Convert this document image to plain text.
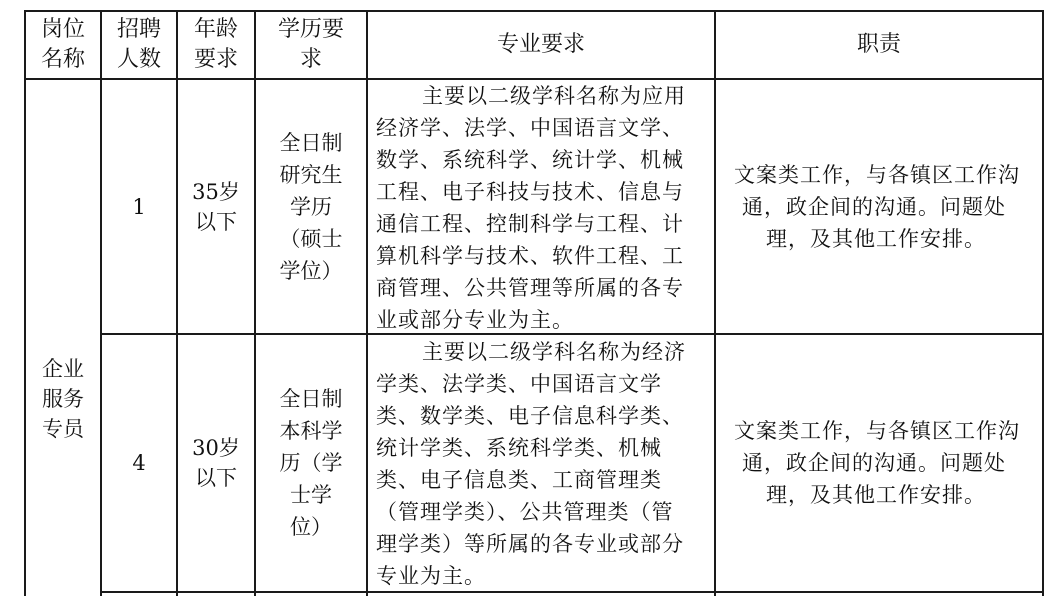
岗位
名称
招聘
人数
年龄
要求
学历要
求
专业要求	职责
企业
服务
专员
1
35岁
以下
全日制
研究生
学历
（硕士
学位）
主要以二级学科名称为应用
经济学、法学、中国语言文学、
数学、系统科学、统计学、机械
工程、电子科技与技术、信息与
通信工程、控制科学与工程、计
算机科学与技术、软件工程、工
商管理、公共管理等所属的各专
业或部分专业为主。
文案类工作，与各镇区工作沟
通，政企间的沟通。问题处
理，及其他工作安排。
4
30岁
以下
全日制
本科学
历（学
士学
位）
主要以二级学科名称为经济
学类、法学类、中国语言文学
类、数学类、电子信息科学类、
统计学类、系统科学类、机械
类、电子信息类、工商管理类
（管理学类）、公共管理类（管
理学类）等所属的各专业或部分
专业为主。
文案类工作，与各镇区工作沟
通，政企间的沟通。问题处
理，及其他工作安排。
